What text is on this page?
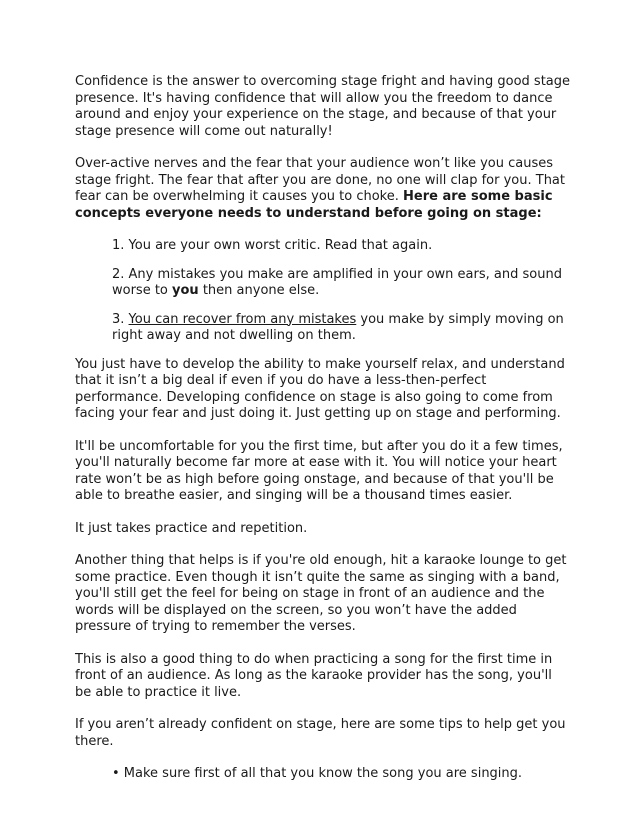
Confidence is the answer to overcoming stage fright and having good stage presence. It's having confidence that will allow you the freedom to dance around and enjoy your experience on the stage, and because of that your stage presence will come out naturally!

Over-active nerves and the fear that your audience won’t like you causes stage fright. The fear that after you are done, no one will clap for you. That fear can be overwhelming it causes you to choke. Here are some basic concepts everyone needs to understand before going on stage:

1. You are your own worst critic. Read that again.

2. Any mistakes you make are amplified in your own ears, and sound worse to you then anyone else.

3. You can recover from any mistakes you make by simply moving on right away and not dwelling on them.

You just have to develop the ability to make yourself relax, and understand that it isn’t a big deal if even if you do have a less-then-perfect performance. Developing confidence on stage is also going to come from facing your fear and just doing it. Just getting up on stage and performing.

It'll be uncomfortable for you the first time, but after you do it a few times, you'll naturally become far more at ease with it. You will notice your heart rate won’t be as high before going onstage, and because of that you'll be able to breathe easier, and singing will be a thousand times easier.

It just takes practice and repetition.

Another thing that helps is if you're old enough, hit a karaoke lounge to get some practice. Even though it isn’t quite the same as singing with a band, you'll still get the feel for being on stage in front of an audience and the words will be displayed on the screen, so you won’t have the added pressure of trying to remember the verses.

This is also a good thing to do when practicing a song for the first time in front of an audience. As long as the karaoke provider has the song, you'll be able to practice it live.

If you aren’t already confident on stage, here are some tips to help get you there.

• Make sure first of all that you know the song you are singing.
